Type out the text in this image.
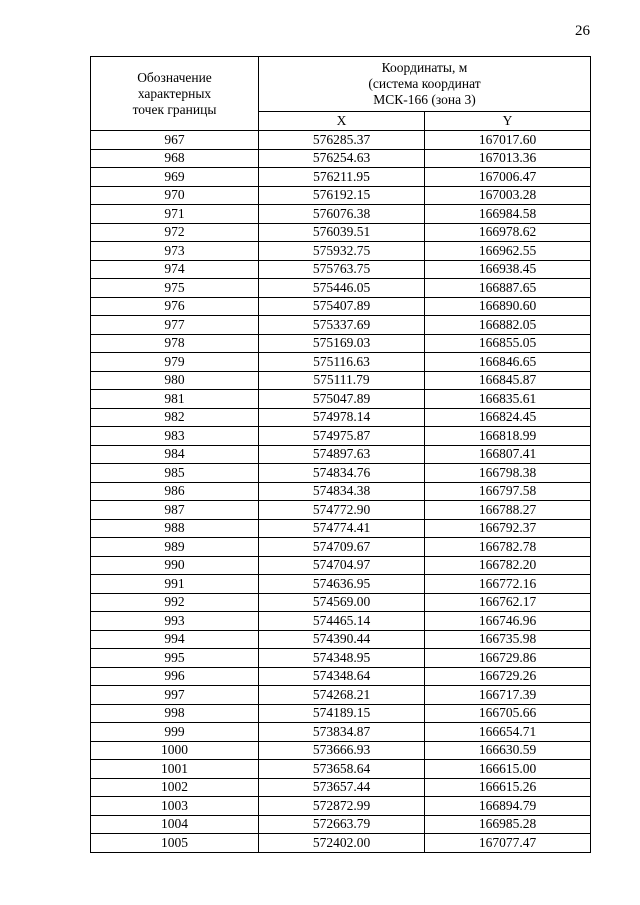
26
Обозначение
характерных
точек границы	Координаты, м
(система координат
МСК-166 (зона 3)	
	X	Y
967	576285.37	167017.60
968	576254.63	167013.36
969	576211.95	167006.47
970	576192.15	167003.28
971	576076.38	166984.58
972	576039.51	166978.62
973	575932.75	166962.55
974	575763.75	166938.45
975	575446.05	166887.65
976	575407.89	166890.60
977	575337.69	166882.05
978	575169.03	166855.05
979	575116.63	166846.65
980	575111.79	166845.87
981	575047.89	166835.61
982	574978.14	166824.45
983	574975.87	166818.99
984	574897.63	166807.41
985	574834.76	166798.38
986	574834.38	166797.58
987	574772.90	166788.27
988	574774.41	166792.37
989	574709.67	166782.78
990	574704.97	166782.20
991	574636.95	166772.16
992	574569.00	166762.17
993	574465.14	166746.96
994	574390.44	166735.98
995	574348.95	166729.86
996	574348.64	166729.26
997	574268.21	166717.39
998	574189.15	166705.66
999	573834.87	166654.71
1000	573666.93	166630.59
1001	573658.64	166615.00
1002	573657.44	166615.26
1003	572872.99	166894.79
1004	572663.79	166985.28
1005	572402.00	167077.47
